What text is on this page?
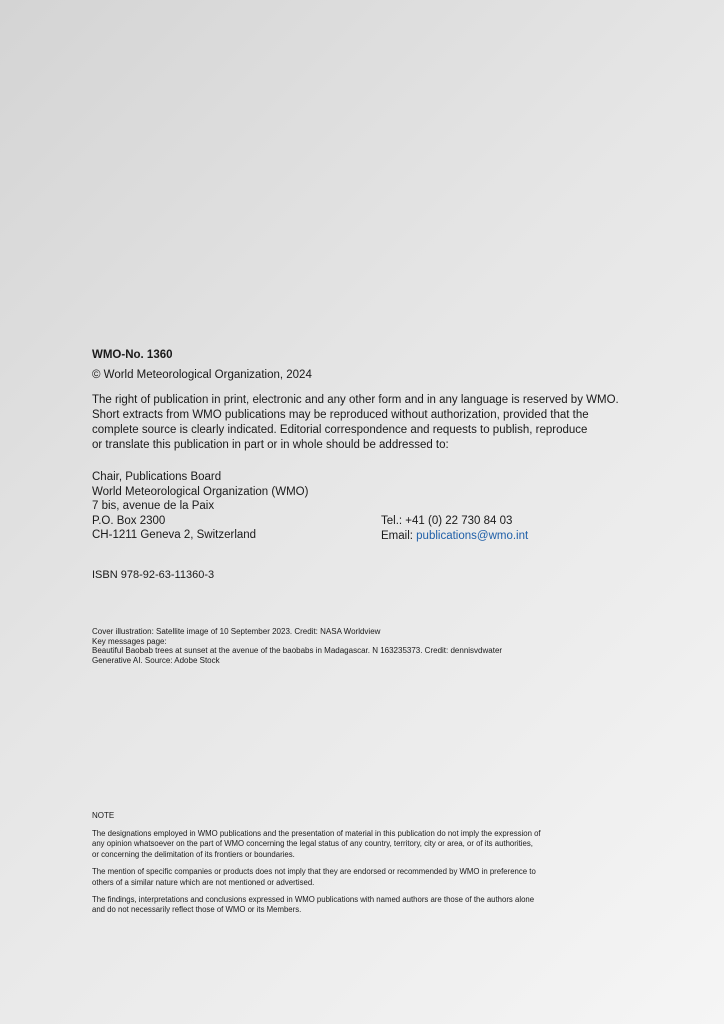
WMO-No. 1360
© World Meteorological Organization, 2024
The right of publication in print, electronic and any other form and in any language is reserved by WMO.
Short extracts from WMO publications may be reproduced without authorization, provided that the
complete source is clearly indicated. Editorial correspondence and requests to publish, reproduce
or translate this publication in part or in whole should be addressed to:
Chair, Publications Board
World Meteorological Organization (WMO)
7 bis, avenue de la Paix
P.O. Box 2300
CH-1211 Geneva 2, Switzerland
Tel.: +41 (0) 22 730 84 03
Email: publications@wmo.int
ISBN 978-92-63-11360-3
Cover illustration: Satellite image of 10 September 2023. Credit: NASA Worldview
Key messages page:
Beautiful Baobab trees at sunset at the avenue of the baobabs in Madagascar. N 163235373. Credit: dennisvdwater
Generative AI. Source: Adobe Stock
NOTE

The designations employed in WMO publications and the presentation of material in this publication do not imply the expression of
any opinion whatsoever on the part of WMO concerning the legal status of any country, territory, city or area, or of its authorities,
or concerning the delimitation of its frontiers or boundaries.

The mention of specific companies or products does not imply that they are endorsed or recommended by WMO in preference to
others of a similar nature which are not mentioned or advertised.

The findings, interpretations and conclusions expressed in WMO publications with named authors are those of the authors alone
and do not necessarily reflect those of WMO or its Members.
